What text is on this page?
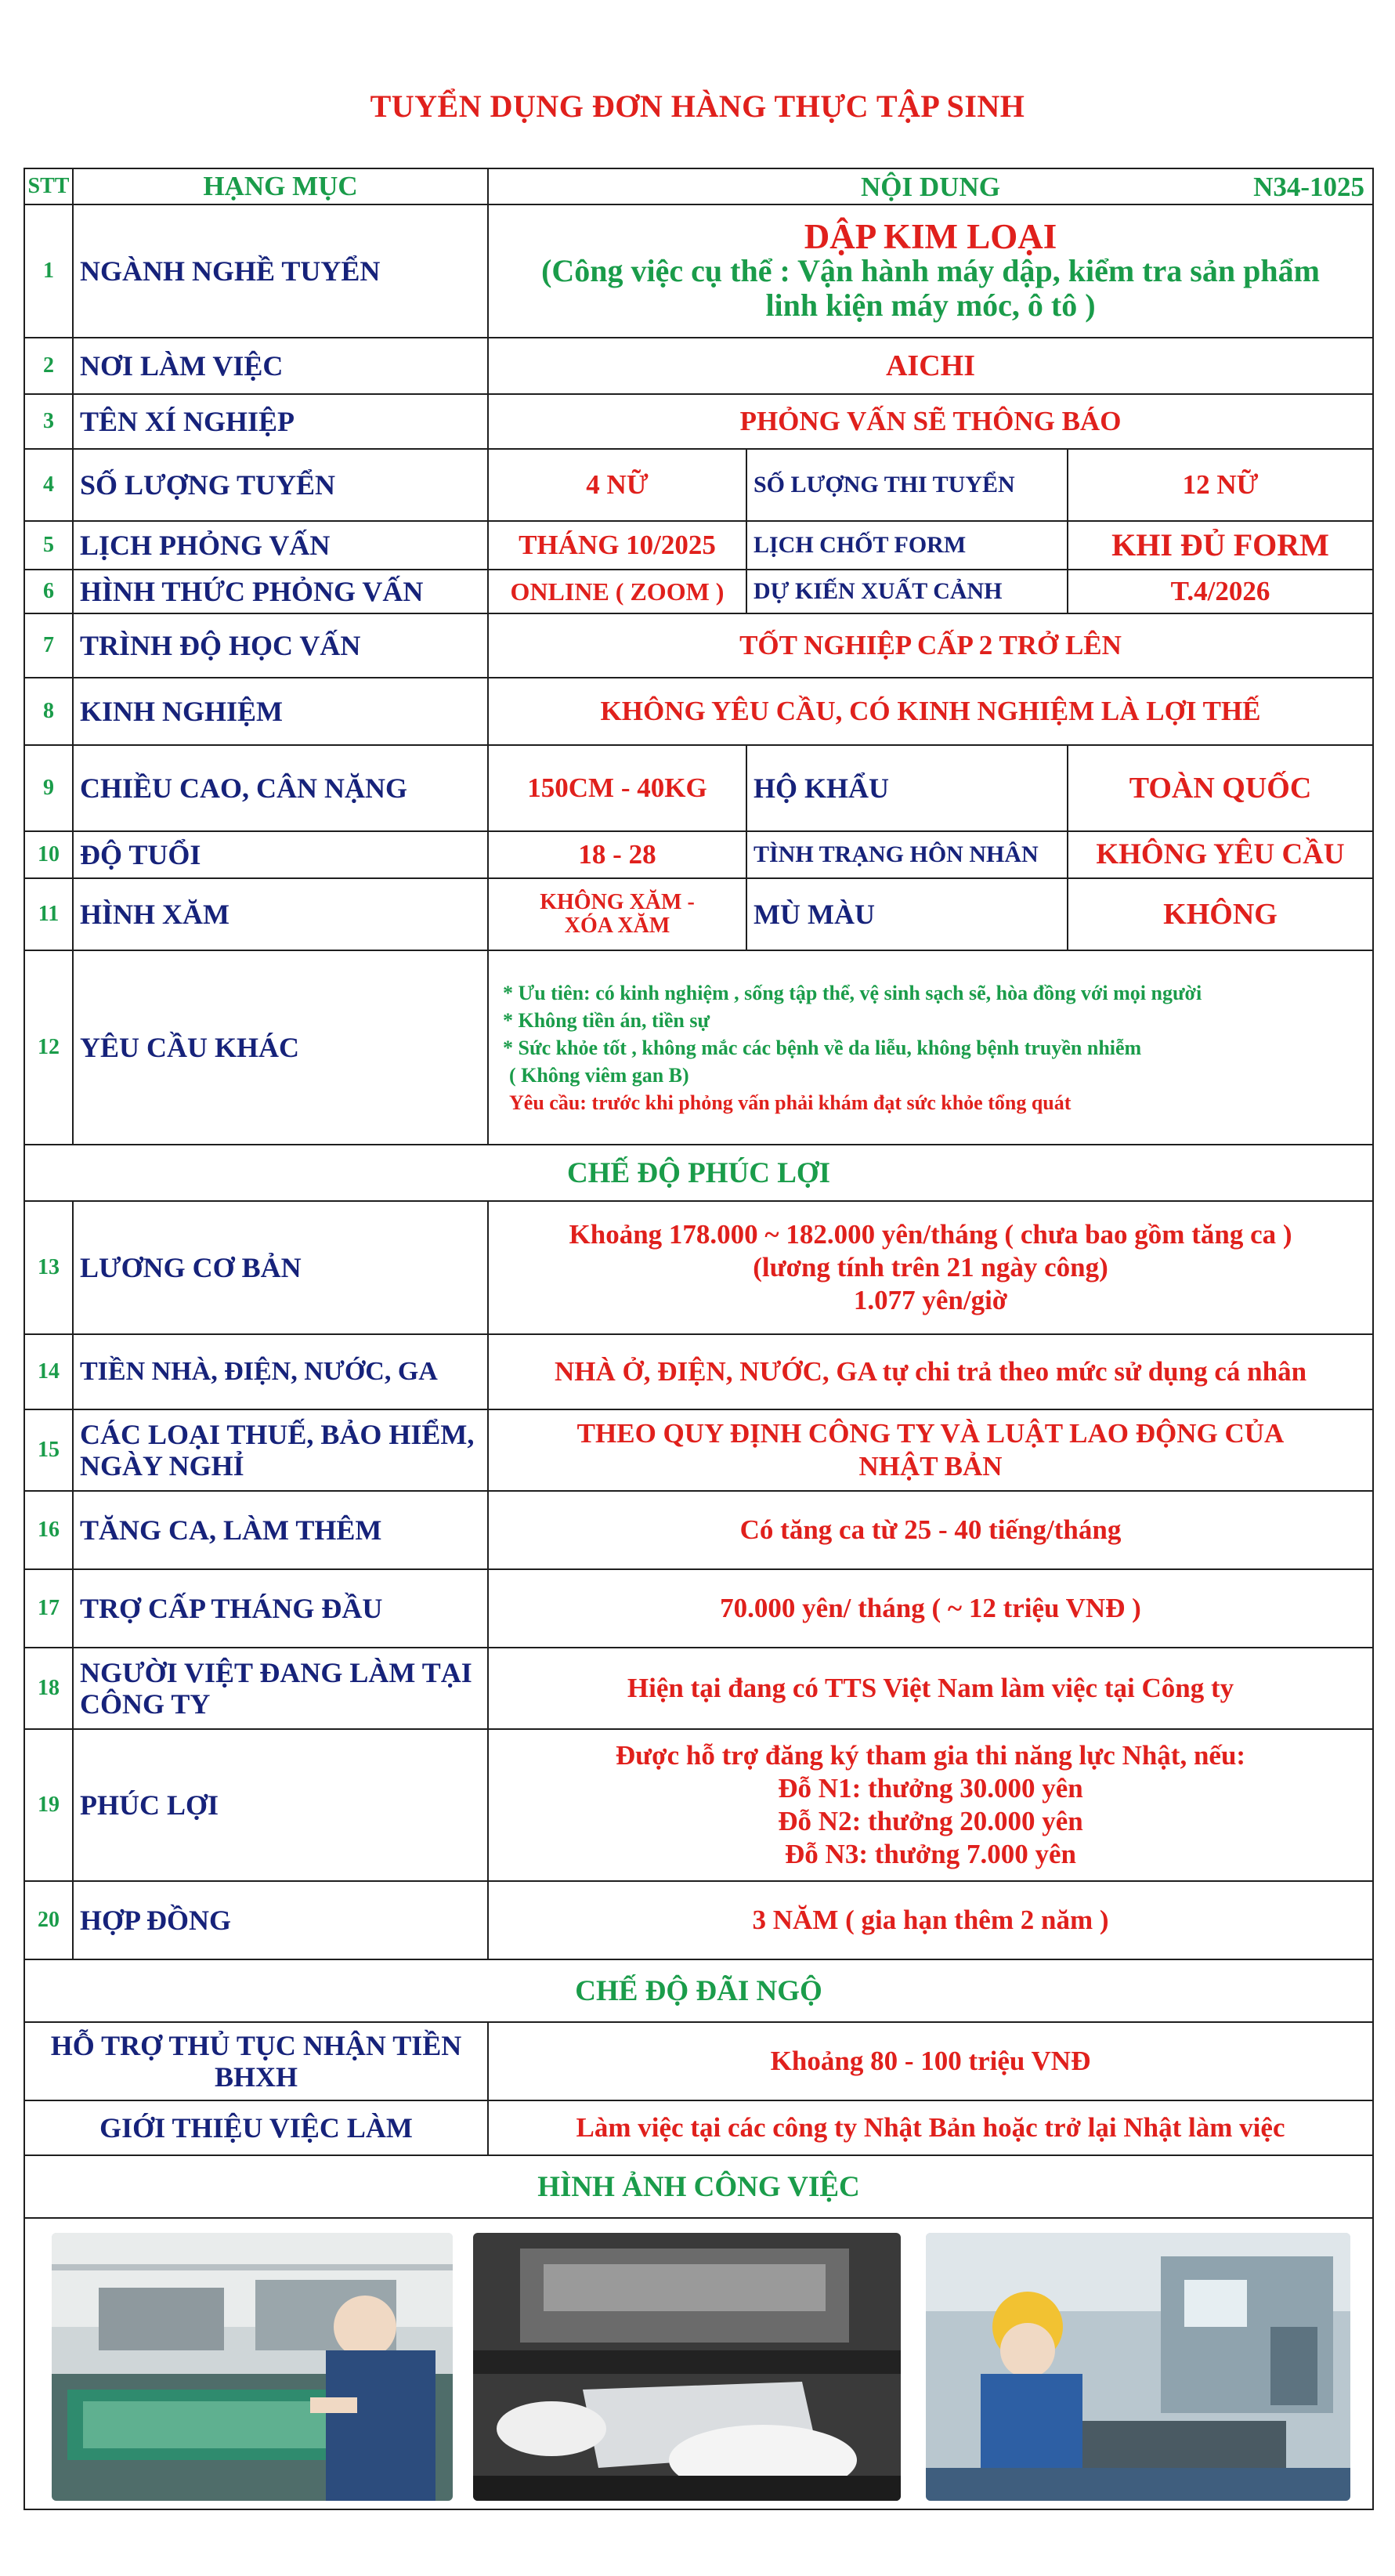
TUYỂN DỤNG ĐƠN HÀNG THỰC TẬP SINH
STT	HẠNG MỤC	NỘI DUNG N34-1025		

1	NGÀNH NGHỀ TUYỂN	DẬP KIM LOẠI
(Công việc cụ thể : Vận hành máy dập, kiểm tra sản phẩm linh kiện máy móc, ô tô )		

2	NƠI LÀM VIỆC	AICHI		
3	TÊN XÍ NGHIỆP	PHỎNG VẤN SẼ THÔNG BÁO		
4	SỐ LƯỢNG TUYỂN	4 NỮ	SỐ LƯỢNG THI TUYỂN	12 NỮ
5	LỊCH PHỎNG VẤN	THÁNG 10/2025	LỊCH CHỐT FORM	KHI ĐỦ FORM
6	HÌNH THỨC PHỎNG VẤN	ONLINE ( ZOOM )	DỰ KIẾN XUẤT CẢNH	T.4/2026
7	TRÌNH ĐỘ HỌC VẤN	TỐT NGHIỆP CẤP 2 TRỞ LÊN		
8	KINH NGHIỆM	KHÔNG YÊU CẦU, CÓ KINH NGHIỆM LÀ LỢI THẾ		
9	CHIỀU CAO, CÂN NẶNG	150CM - 40KG	HỘ KHẨU	TOÀN QUỐC
10	ĐỘ TUỔI	18 - 28	TÌNH TRẠNG HÔN NHÂN	KHÔNG YÊU CẦU
11	HÌNH XĂM	KHÔNG XĂM -
XÓA XĂM	MÙ MÀU	KHÔNG
12	YÊU CẦU KHÁC	* Ưu tiên: có kinh nghiệm , sống tập thể, vệ sinh sạch sẽ, hòa đồng với mọi người
* Không tiền án, tiền sự
* Sức khỏe tốt , không mắc các bệnh về da liễu, không bệnh truyền nhiễm
( Không viêm gan B)
Yêu cầu: trước khi phỏng vấn phải khám đạt sức khỏe tổng quát		

CHẾ ĐỘ PHÚC LỢI				
13	LƯƠNG CƠ BẢN	Khoảng 178.000 ~ 182.000 yên/tháng ( chưa bao gồm tăng ca )
(lương tính trên 21 ngày công)
1.077 yên/giờ		

14	TIỀN NHÀ, ĐIỆN, NƯỚC, GA	NHÀ Ở, ĐIỆN, NƯỚC, GA tự chi trả theo mức sử dụng cá nhân		
15	CÁC LOẠI THUẾ, BẢO HIỂM, NGÀY NGHỈ	THEO QUY ĐỊNH CÔNG TY VÀ LUẬT LAO ĐỘNG CỦA NHẬT BẢN		
16	TĂNG CA, LÀM THÊM	Có tăng ca từ 25 - 40 tiếng/tháng		
17	TRỢ CẤP THÁNG ĐẦU	70.000 yên/ tháng ( ~ 12 triệu VNĐ )		
18	NGƯỜI VIỆT ĐANG LÀM TẠI CÔNG TY	Hiện tại đang có TTS Việt Nam làm việc tại Công ty		
19	PHÚC LỢI	Được hỗ trợ đăng ký tham gia thi năng lực Nhật, nếu:
Đỗ N1: thưởng 30.000 yên
Đỗ N2: thưởng 20.000 yên
Đỗ N3: thưởng 7.000 yên		

20	HỢP ĐỒNG	3 NĂM ( gia hạn thêm 2 năm )		
CHẾ ĐỘ ĐÃI NGỘ				
HỖ TRỢ THỦ TỤC NHẬN TIỀN BHXH		Khoảng 80 - 100 triệu VNĐ		
GIỚI THIỆU VIỆC LÀM		Làm việc tại các công ty Nhật Bản hoặc trở lại Nhật làm việc		
HÌNH ẢNH CÔNG VIỆC				
